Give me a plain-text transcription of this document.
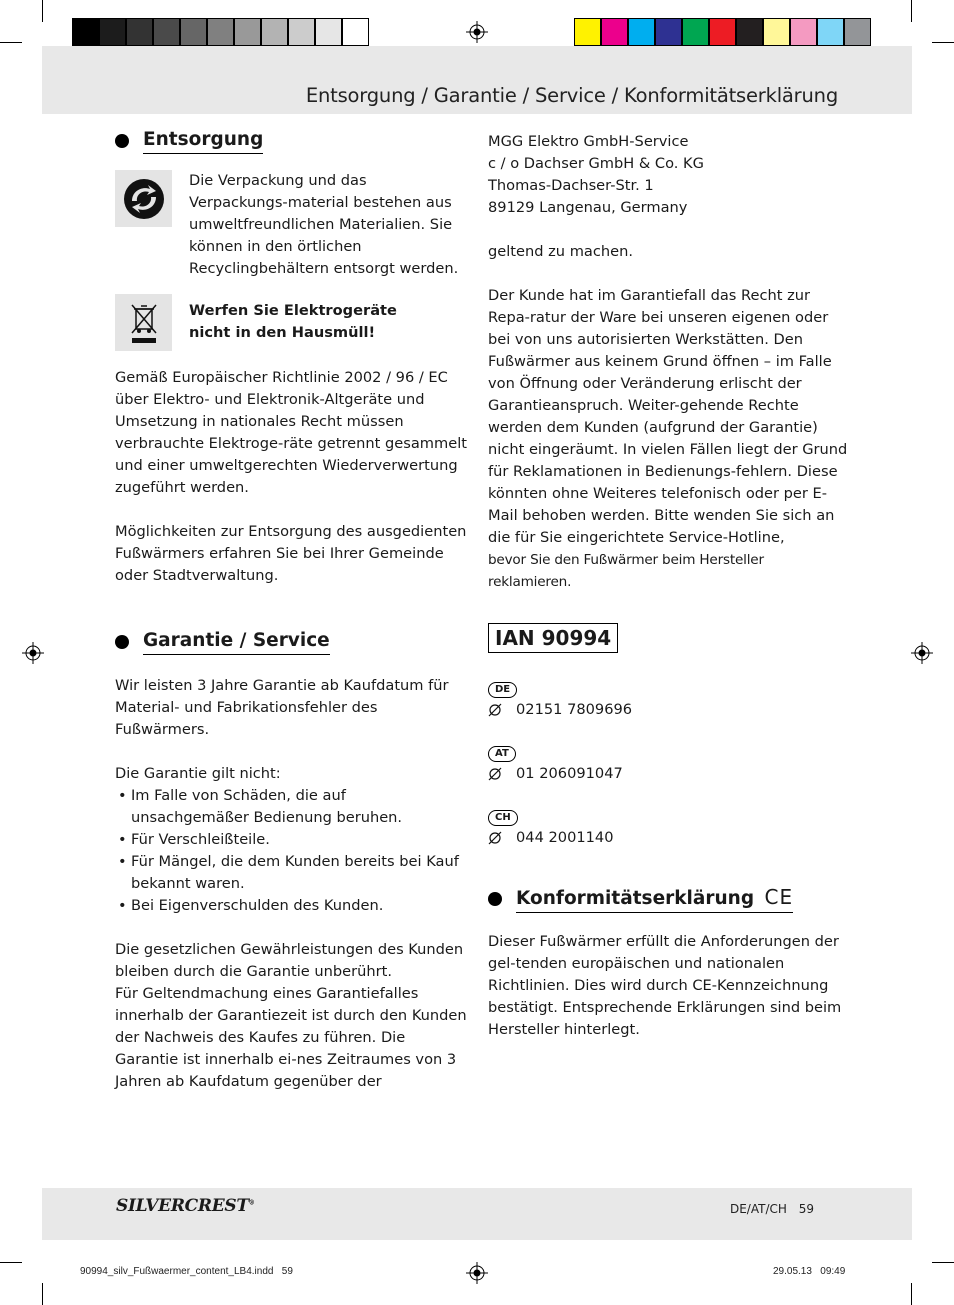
Entsorgung / Garantie / Service / Konformitätserklärung
Entsorgung

Die Verpackung und das Verpackungs-material bestehen aus umweltfreundlichen Materialien. Sie können in den örtlichen Recyclingbehältern entsorgt werden.

Werfen Sie Elektrogeräte
nicht in den Hausmüll!

Gemäß Europäischer Richtlinie 2002 / 96 / EC über Elektro- und Elektronik-Altgeräte und Umsetzung in nationales Recht müssen verbrauchte Elektroge-räte getrennt gesammelt und einer umweltgerechten Wiederverwertung zugeführt werden.

Möglichkeiten zur Entsorgung des ausgedienten Fußwärmers erfahren Sie bei Ihrer Gemeinde oder Stadtverwaltung.

Garantie / Service

Wir leisten 3 Jahre Garantie ab Kaufdatum für Material- und Fabrikationsfehler des Fußwärmers.

Die Garantie gilt nicht:

• Im Falle von Schäden, die auf unsachgemäßer Bedienung beruhen.
• Für Verschleißteile.
• Für Mängel, die dem Kunden bereits bei Kauf bekannt waren.
• Bei Eigenverschulden des Kunden.

Die gesetzlichen Gewährleistungen des Kunden bleiben durch die Garantie unberührt.

Für Geltendmachung eines Garantiefalles innerhalb der Garantiezeit ist durch den Kunden der Nachweis des Kaufes zu führen. Die Garantie ist innerhalb ei-nes Zeitraumes von 3 Jahren ab Kaufdatum gegenüber der

MGG Elektro GmbH-Service
c / o Dachser GmbH & Co. KG
Thomas-Dachser-Str. 1
89129 Langenau, Germany

geltend zu machen.

Der Kunde hat im Garantiefall das Recht zur Repa-ratur der Ware bei unseren eigenen oder bei von uns autorisierten Werkstätten. Den Fußwärmer aus keinem Grund öffnen – im Falle von Öffnung oder Veränderung erlischt der Garantieanspruch. Weiter-gehende Rechte werden dem Kunden (aufgrund der Garantie) nicht eingeräumt. In vielen Fällen liegt der Grund für Reklamationen in Bedienungs-fehlern. Diese könnten ohne Weiteres telefonisch oder per E-Mail behoben werden. Bitte wenden Sie sich an die für Sie eingerichtete Service-Hotline,

bevor Sie den Fußwärmer beim Hersteller reklamieren.

IAN 90994
DE
02151 7809696
AT
01 206091047
CH
044 2001140
Konformitätserklärung CE

Dieser Fußwärmer erfüllt die Anforderungen der gel-tenden europäischen und nationalen Richtlinien. Dies wird durch CE-Kennzeichnung bestätigt. Entsprechende Erklärungen sind beim Hersteller hinterlegt.

SILVERCREST®	DE/AT/CH 59
90994_silv_Fußwaermer_content_LB4.indd   59	29.05.13   09:49
